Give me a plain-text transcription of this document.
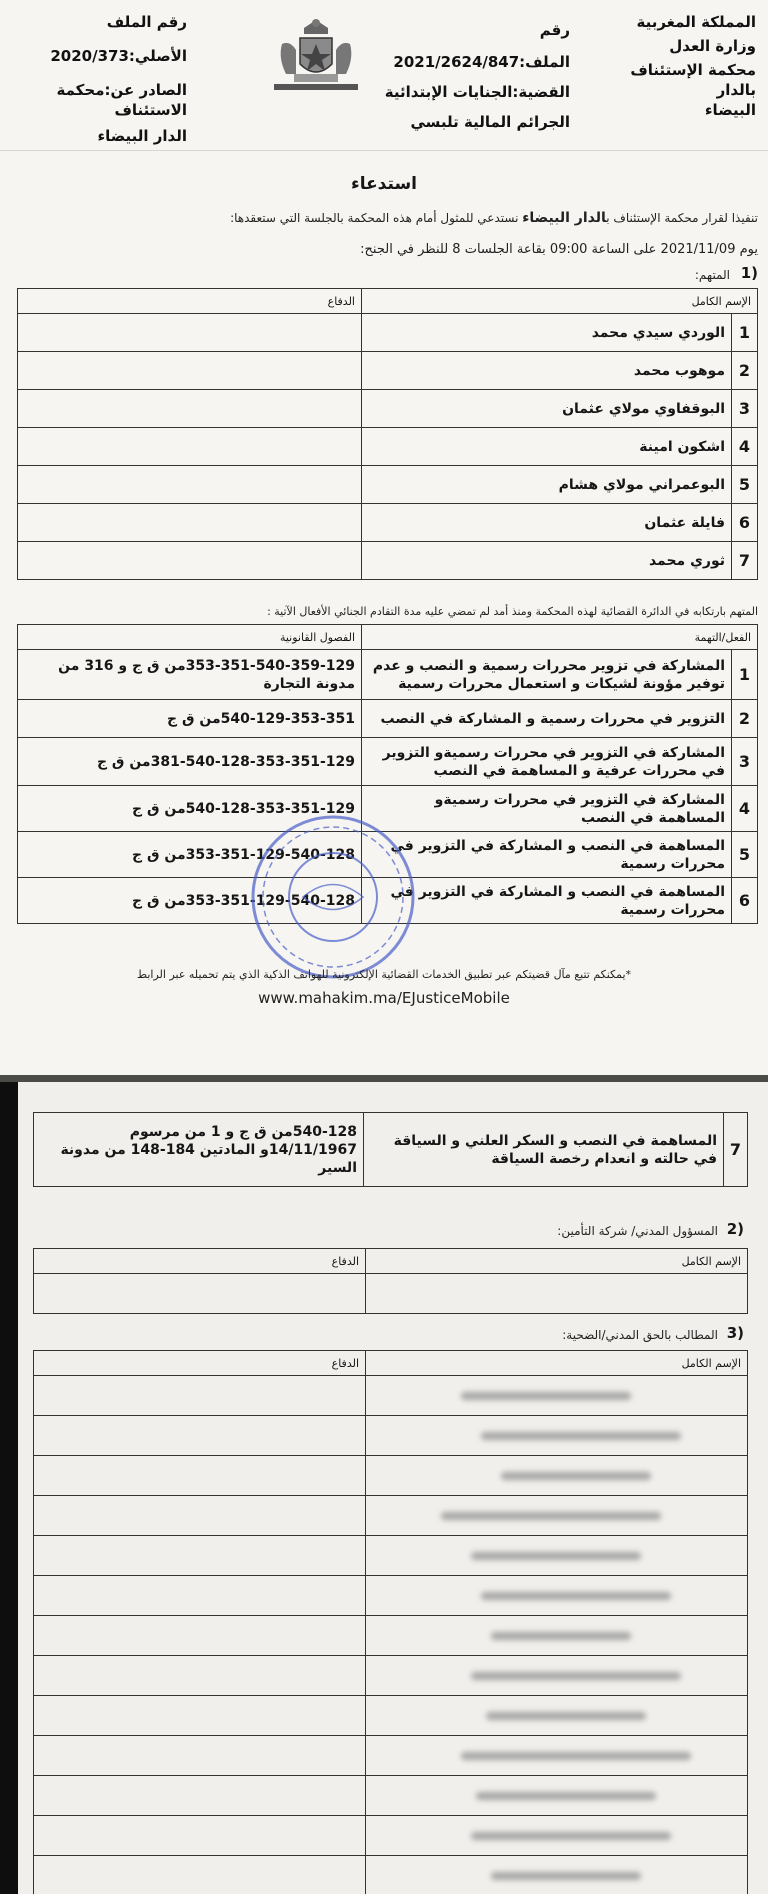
المملكة المغربية
وزارة العدل
محكمة الإستئناف بالدار
البيضاء
رقم
الملف:2021/2624/847
القضية:الجنايات الإبتدائية
الجرائم المالية تلبسي
رقم الملف
الأصلي:2020/373
الصادر عن:محكمة الاستئناف
الدار البيضاء
استدعاء
تنفيذا لقرار محكمة الإستئناف بالدار البيضاء نستدعي للمثول أمام هذه المحكمة بالجلسة التي ستعقدها:
يوم 2021/11/09 على الساعة 09:00 بقاعة الجلسات 8 للنظر في الجنح:
1)
المتهم:
الإسم الكامل		الدفاع
1	الوردي سيدي محمد	
2	موهوب محمد	
3	البوقفاوي مولاي عثمان	
4	اشكون امينة	
5	البوعمراني مولاي هشام	
6	فايلة عثمان	
7	ثوري محمد	
المتهم بارتكابه في الدائرة القضائية لهذه المحكمة ومنذ أمد لم تمضي عليه مدة التقادم الجنائي الأفعال الآتية :
الفعل/التهمة		الفصول القانونية
1	المشاركة في تزوير محررات رسمية و النصب و عدم توفير مؤونة لشيكات و استعمال محررات رسمية	353-351-540-359-129من ق ج و 316 من مدونة التجارة
2	التزوير في محررات رسمية و المشاركة في النصب	540-129-353-351من ق ج
3	المشاركة في التزوير في محررات رسميةو التزوير في محررات عرفية و المساهمة في النصب	381-540-128-353-351-129من ق ج
4	المشاركة في التزوير في محررات رسميةو المساهمة في النصب	540-128-353-351-129من ق ج
5	المساهمة في النصب و المشاركة في التزوير في محررات رسمية	353-351-129-540-128من ق ج
6	المساهمة في النصب و المشاركة في التزوير في محررات رسمية	353-351-129-540-128من ق ج
*يمكنكم تتبع مآل قضيتكم عبر تطبيق الخدمات القضائية الإلكترونية للهواتف الذكية الذي يتم تحميله عبر الرابط
www.mahakim.ma/EJusticeMobile
7	المساهمة في النصب و السكر العلني و السياقة في حالته و انعدام رخصة السياقة	540-128من ق ج و 1 من مرسوم 14/11/1967و المادتين 184-148 من مدونة السير
2)
المسؤول المدني/ شركة التأمين:
الإسم الكامل	الدفاع

3)
المطالب بالحق المدني/الضحية:
الإسم الكامل	الدفاع
